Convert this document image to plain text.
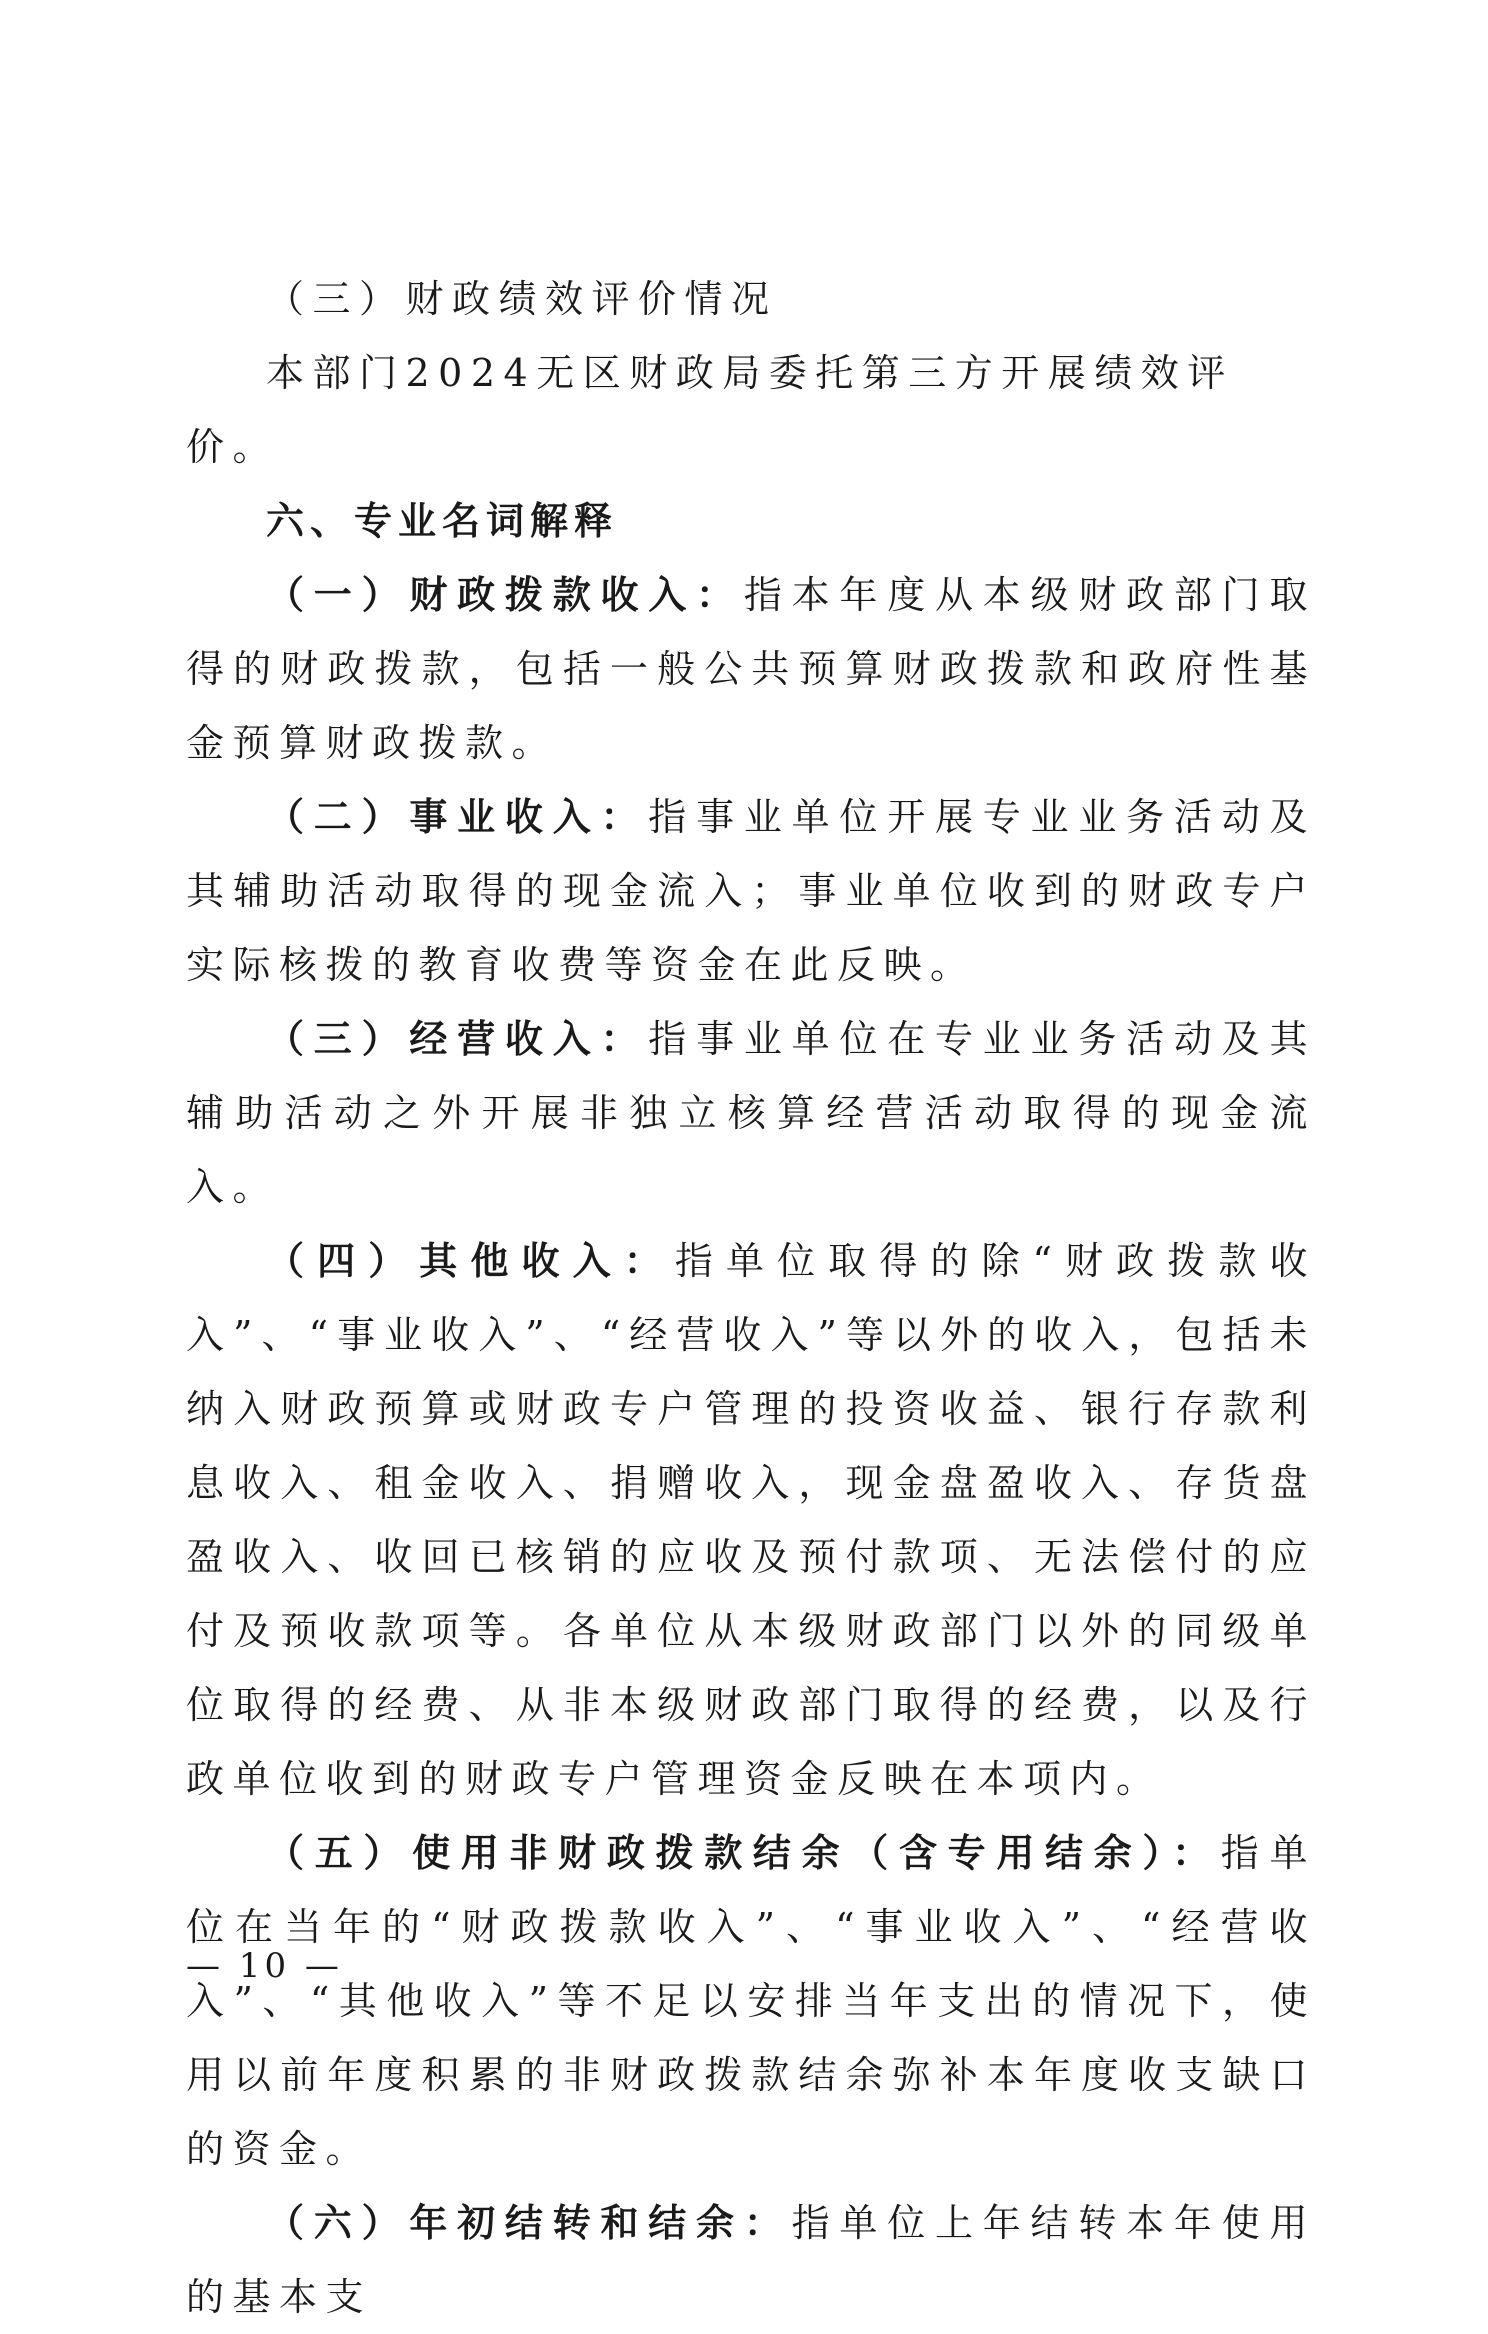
（三）财政绩效评价情况

本部门2024无区财政局委托第三方开展绩效评价。

六、专业名词解释

（一）财政拨款收入：指本年度从本级财政部门取得的财政拨款，包括一般公共预算财政拨款和政府性基金预算财政拨款。

（二）事业收入：指事业单位开展专业业务活动及其辅助活动取得的现金流入；事业单位收到的财政专户实际核拨的教育收费等资金在此反映。

（三）经营收入：指事业单位在专业业务活动及其辅助活动之外开展非独立核算经营活动取得的现金流入。

（四）其他收入：指单位取得的除“财政拨款收入”、“事业收入”、“经营收入”等以外的收入，包括未纳入财政预算或财政专户管理的投资收益、银行存款利息收入、租金收入、捐赠收入，现金盘盈收入、存货盘盈收入、收回已核销的应收及预付款项、无法偿付的应付及预收款项等。各单位从本级财政部门以外的同级单位取得的经费、从非本级财政部门取得的经费，以及行政单位收到的财政专户管理资金反映在本项内。

（五）使用非财政拨款结余（含专用结余）：指单位在当年的“财政拨款收入”、“事业收入”、“经营收入”、“其他收入”等不足以安排当年支出的情况下，使用以前年度积累的非财政拨款结余弥补本年度收支缺口的资金。

（六）年初结转和结余：指单位上年结转本年使用的基本支

— 10 —
